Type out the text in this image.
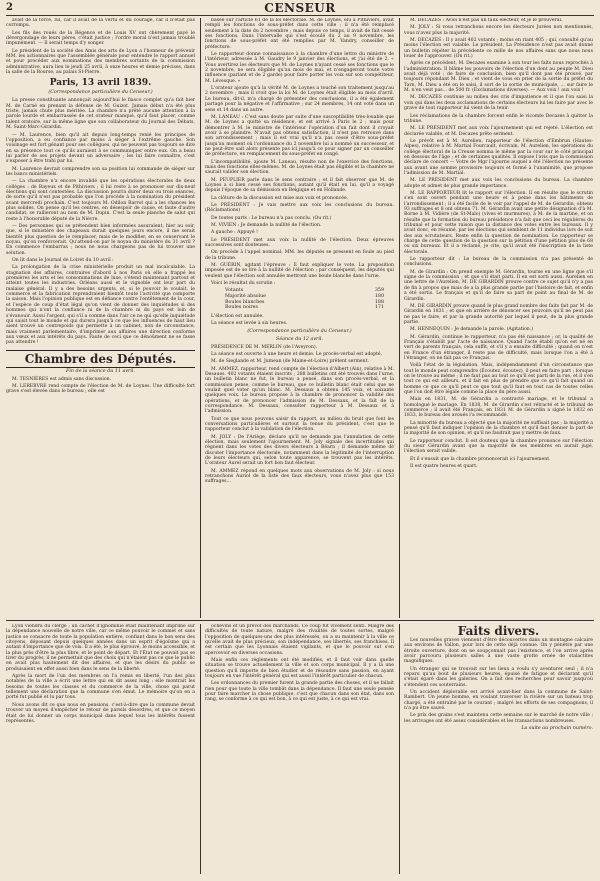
2	CENSEUR

avait de la force, lui, car il avait de la vertu et du courage, car il n'était pas corrompu.

Les fils des roués de la Régence et de Louis XV ont chèrement payé le dévergondage de leurs pères, c'était justice ; l'ordre moral n'est jamais troublé impunément. — Il serait temps d'y songer.

Le président de la société des Amis des arts de Lyon a l'honneur de prévenir MM. les actionnaires que l'assemblée générale pour entendre le rapport annuel et pour procéder aux nominations des membres sortants de la commission administrative, aura lieu le jeudi 25 avril, à onze heures et demie précises, dans la salle de la Bourse, au palais St-Pierre.

Paris, 13 avril 1839.
(Correspondance particulière du Censeur.)

La presse constituante annonçait aujourd'hui le fiasco complet qu'a fait hier M. de Carné en prenant la défense de M. Guizot. Jamais début n'a été plus triste, jamais chute plus méritée. La chambre n'a prêté aucune attention à la parole lourde et embarrassée de cet orateur manqué, qu'il faut placer, comme talent oratoire, sur la même ligne que son collaborateur du Journal des Débats, M. Saint-Marc-Girardin.

— M. Laurence, bien qu'il ait depuis long-temps renié les principes de l'opposition, a eu confiance par moins à siéger à l'extrême gauche. Son voisinage est fort gênant pour ses collègues, qui ne peuvent pas toujours se dire en sa présence tout ce qu'ils auraient à se communiquer entre eux. On a beau lui parler de ses projets devant un adversaire ; les lui faire connaître, c'est s'exposer à être trahi par lui.

M. Laurence devrait comprendre son sa position lui commande de siéger sur les bancs ministériels.

— La chambre n'a encore invalidé que les opérations électorales de deux collèges : de Bayeux et de Pithiviers ; il lui reste à se prononcer sur dix-neuf élections qui sont contestées. La discussion pourra durer deux ou trois séances, de sorte qu'il n'est pas probable que l'on procède à la nomination du président avant mercredi prochain. C'est toujours M. Odilon Barrot qui a les chances les plus solides. On pense qu'il les centres, en désespoir de cause, et faute d'autre candidat, se rallieront au nom de M. Dupin. C'est la seule planche de salut qui reste à l'honorable député de la Nièvre.

— Des personnes qui se prétendent bien informées assuraient, hier au soir, que, si le ministère des chapeaux durait quelques jours encore, il me serait bientôt plus question de le remplacer, mais de le modifier, en se conservant le noyau, qu'on renforcerait. Qu'attend-on par le noyau du ministère du 31 avril ? En commence l'embarras ; nous ne nous chargeons pas de lui trouver une solution.

On lit dans le Journal de Loiret du 10 avril :

La prolongation de la crise ministérielle produit un mal incalculable. La stagnation des affaires, contraires d'abord à nos Paris où elle a frappé les premières les arts et les consommations de luxe, s'étend maintenant partout et atteint toutes les industries. Orléans aussi et le vignoble ont leur part du malaise général. Il y a des besoins urgents, et, si le pouvoir le voulait, le commerce et la fabrication reprendraient bientôt toute l'activité que comporte la saison. Mais l'opinion publique est en défiance contre l'entêtement de la cour, et l'espèce de coup d'état légal qu'on vient de donner des inquiétudes si des hommes qui n'ont la confiance ni de la chambre ni du pays est loin de s'évanouir. Aussi l'argent, qui s'il a comme dans l'air ce ne qui qu'elle inquiétude qui saisit tout le monde et qui durera jusqu'à ce que les influences de haut lieu aient trouvé un contrepoids qui permette à un cabinet, non de circonstance, mais vraiment parlementaire, d'imprimer aux affaires une direction conforme aux vœux et aux intérêts du pays. Faute de ceci que ce dénoûment ne se fasse pas attendre !

Chambre des Députés.
Fin de la séance du 11 avril.

M. TESNIÈRES est admis sans discussion.

M. LEREBVRE rend compte de l'élection de M. de Loynes. Une difficulté fort grave s'est élevée dans le bureau ; elle est

basée sur l'article 61 de la loi électorale. M. de Loynes, élu à Pithiviers, avait rempli les fonctions de sous-préfet dans cette ville ; il n'a été remplacé seulement à la date du 2 novembre ; mais depuis ce temps, il avait de fait cessé ses fonctions. Dans l'intervalle qui s'est écoulé du 2 au 9 novembre, les fonctions de sous-préfet ont été remplies par M. Vandry, conseiller de préfecture.

Le rapporteur donne connaissance à la chambre d'une lettre du ministre de l'intérieur, adressée à M. Gaudry le 9 janvier des élections, et j'ai été de 2. « Vous avertirez les électeurs que M. de Loynes n'ayant cessé ses fonctions que le 2 novembre, ne sera éligible qu'au mois de mai, et n'engageront toute votre influence (parlant et de 2 garde) pour faire porter les voix sur son compétiteur, M. Lévesque. »

L'orateur ajoute qu'à la vérité M. de Loynes a touché son traitement jusqu'au 2 novembre ; mais il croit que la loi M. de Loynes était éligible au mois d'avril. Le bureau, dit-il, m'a chargé de présenter des conclusions, il a été également partagé pour la négative et l'affirmative ; sur 24 membres, 14 ont voté dans un sens et 14 dans un autre.

M. LANEAU : C'est sans doute par suite d'une susceptibilité très-louable que M. de Loynes a quitté sa résidence, et est arrivé à Paris le 2 ; mais pour démontrer à M. le ministre de l'intérieur l'opération d'un fait dont il croyait avoir à se plaindre. N'avait pas obtenu satisfaction, il n'est pas retrouvé dans son arrondissement ; mais il est vrai qu'il n'a pas cessé d'être sous-préfet jusqu'au moment où l'ordonnance du 2 novembre lui a nommé un successeur, et ne peut-être sait alors présente pas ici jusqu'à ce pour signer par un conseiller de préfecture, en remplacement du sous-préfet en congé.

L'incompatibilité, ajoute M. Laneau, résulte non de l'exercice des fonctions, mais des fonctions elles-mêmes. M. de Loynes était pas éligible et la chambre ne saurait valider son élection.

M. PEUPLIER parle dans le sens contraire ; et il fait observer que M. de Loynes a si bien cessé ses fonctions, autant qu'il était en lui, qu'il a voyagé depuis l'époque de sa démission en Belgique et en Hollande.

La clôture de la discussion est mise aux voix et prononcée.

Le PRÉSIDENT : Je vais mettre aux voix les conclusions du bureau. (Réclamations)

De toutes parts : Le bureau n'a pas conclu. (Ou rit.)

M. VIVIEN : Je demande la nullité de l'élection.

A gauche : Appuyé !

Le PRÉSIDENT met aux voix la nullité de l'élection. Deux épreuves successives sont douteuses.

On procède à l'appel nominal. MM. les députés se pressent en foule au pied de la tribune.

M. GUÉRIN, agitant l'épreuve : Il faut expliquer le vote. La proposition imposée est de se lire à la nullité de l'élection ; par conséquent, les députés qui veulent que l'élection soit annulée mettront une boule blanche dans l'urne.

Voici le résultat du scrutin :

Votants	359
Majorité absolue	180
Boules blanches	188
Boules noires	171

L'élection est annulée.

La séance est levée à six heures.

(Correspondance particulière du Censeur.)
Séance du 12 avril.

PRÉSIDENCE DE M. MERLIN (de l'Aveyron).

La séance est ouverte à une heure et demie. Le procès-verbal est adopté.

M. de Sieglande et M. Jumean (de Maine-et-Loire) prêtent serment.

M. AMMEZ, rapporteur, rend compte de l'élection d'Albert (Ain), relative à M. Desaues. 402 votants étaient inscrits ; 288 bulletins ont été trouvés dans l'urne, un bulletin blanc ne fut, le bureau a pensé, dans son procès-verbal, et la commission pense, comme le bureau, que ce bulletin blanc était celui que ne voulait quel voter qu'un blanc. M. Dessaux a obtenu 145 voix, et soixante quelques voix. Le bureau propose à la chambre de prononcer la validité des opérations, et de prononcer l'admission de M. Dessaux, et la fait de la correspondance. M. Dessaux, consulter rapporteur à M. Dessaux et à l'admission.

Tout ce que nous pouvons saisir du rapport, au milieu du bruit que font les conversations particulières et surtout la tenue du président, c'est que le rapporteur conclut à la validation de l'élection.

M. JOLY : De l'Ariège, déclare qu'il ne demande pas l'annulation de cette élection, mais seulement l'ajournement. M. Joly signale des incertitudes qui régnent dans les votes des divers électeurs à Béarn ; il demande même de discuter l'importance électorale, notamment dans la légitimité de l'interruption de leurs électeurs qui, selon toute apparence, se trouvent pas les intérêts. L'orateur Aurel serait un fort bon faut électeur.

M. AMMEZ répond en quelques mots aux observations de M. Joly : si nous retranchons Auriol de la liste des faux électeurs, vous n'avez plus que 153 suffrages...

M. DECAZES : Avioi n'est pas un faux électeur, et je le prouverai.

M. JOLY : Si vous retranchons encore les électeurs Jurées non mentionnés, vous n'avez plus la majorité.

M. DECAZES : Il y avait 402 votants ; moins en riant 405 ; qui, consulté qu'au moins l'élection est valable. Le président, La Présidence n'est pas avait donné un bulletin répéter la précédente ce mille de nos affaires sans que nous nous louer de l'approuver. (On rit.)

Après ce précédent, M. Decazes examine à son tour les faits nous reprochés à l'administration. Il blâme les pouvoirs de l'élection d'un dont au peuple M. Dieu avait déjà voté ; de faire de conclusion, bien qu'il dont pas été prouvé, par toujours répondant M. Dieu ; et vient de vous en prier de la sortie du préfet du Tarn, M. Dieu a été en le saisi, il sort de la sortie de municipale, ... sur faire le M. n'en veut pas... de 500 fr. (Exclamations diverses). — Aux voix ! aux voix !

M. DECAZES continue au milieu des cris d'impatience et il que l'on saisi la voix qui dans les deux acclamations de certains électeurs lui les faire par avec le grave de tout rapporteur lui vient de la tenir.

Les réclamations de la chambre forcent enfin le vicomte Decazes à quitter la tribune.

M. LE PRÉSIDENT met aux voix l'ajournement qui est rejeté. L'élection est déclarée valable, et M. Decazes prête serment.

Le prévôt est à M. Aurelien, rapporteur de l'élection d'Embrun (Hautes-Alpes), relative à M. Martial Fourcault, écrivain. M. Aurelien, les opérations du collège électoral de la Creuse nomma le même par la cour sur le côté principal en dessous de l'âge ; et de certaines qualités. Il expose l'avis que la commission déclare de concert — Votre de Mgr l'ajourne auquel a été l'élection ne présente aux avant une somme provisoire toujours et formé à l'unanimité, que propose l'admission de M. Martial.

M. LE PRÉSIDENT met aux voix les conclusions du bureau. La chambre adopte et admet de plus grande importance.

M. LE RAPPORTEUR lit le rapport sur l'élection. Il en résulte que le scrutin s'en sont ouvert pendant une heure et à peine dans les bâtiments de l'arrondissement ; il a été facile de le voir par l'appel de M. de Gérardin, obtenu 93 suffrages et 8 ont obtenu 71. M. Gérardin avait une petite désignation d'à M. Borne à M. Vidière (de St-Malo) (vives et murmures), à M. de la martine, et on résulte que la formation du bureau présidence n'a fait que ceci les régulières du tribunal et pour cette raison que la distance des votes entre les bureaux. Il y avait donc, en résumé, par les élections qui semblent de 11 individus lors de soit des aux scrutateurs. Reste enfin la question de nomination. Le rapporteur se charge de cette question de la question sur la pétition d'une pétition plus de 68 ou six bureaux. Et il a réclamé, je cite, qu'il avait été l'inscription de la liste électorale.

Le rapporteur dit : Le bureau de la commission n'a pas présenté de conclusions.

M. de Girardin : On prend exemple M. Gérardin, tourne en une ligne que s'il signe de la commission ; et que s'il était parti. Il en est sorti aussi. Aurelien en une lettre de l'Aurelien, M. DE GIRARDIN prouve contre ce sujet qu'il n'y a pas de fin à propos que mais de a la plus grande partie par l'histoire de fait, et enfin a été sortis. Le français et qu'il de faire sa part de point au final de M. de Girardin.

M. DE GIRARDIN prouve quand le plus grand nombre des faits fait par M. de Girardin en 1831 ; et que en arrière de dénoncer ses pouvoirs qu'il ne peut pas ne pas le faire, et par la grande autorité par lequel il peut, de la plus grande partie.

M. HENNEQUIN : Je demande la parole. (Agitation.)

M. Gérardin, continue le rapporteur, n'a pas été naissance ; or, la qualité de Français s'établit par l'acte de naissance. Quand l'acte établi qu'on est né en vert de parents français, cela suffit, et s'il y a ensuite difficulté ; quand on n'est en France d'un étranger, il reste pas de difficulté, mais lorsque l'on a été à l'étranger, on ne fait pas ce Français.

Voilà l'état de la législation. Mais, indépendamment d'un circonstance que tout le monde peut comprendre (Écoutez, écoutez), il peut en faire part ; lorsque on le trouve au même ; il ne faut pas au tout ce qu'il est parti de la rue, et il s'en tout ce qui est ailleurs, et il fait en plus de prendre que ce qu'il fait quand un homme ce que ce qu'il peut ce que tout qu'il faut en tout cas de toutes celles que l'on doit être légale comme la place du père aussi.

Mais en 1831, M. de Gérardin a contracté mariage, et le tribunal a homologué le mariage. En 1838, M. de Girardin s'est rétracté et le tribunal de commerce ; il avait été Français, en 1831 M. de Gérardin a signé le 1832 en 1833, le bureau des avoués l'a recommandé.

La minorité du bureau a objecté que la majorité ne suffisait pas ; la majorité a pensé qu'il faut indiquer l'opinion de la chambre et qu'il faut donner la part de la majorité de son opinion, et qu'il ne faudrait pas y mettre de faux.

Le rapporteur conclut. Il est douteux que la chambre prononce sur l'élection du sieur Gérardin avant que la majorité de ses membres en aurait jugé, l'élection serait valide.

Et il s'ensuit que la chambre prononcerait ici l'ajournement.

Il est quatre heures et quart.

Lyon viendra du clergé ; un cachet d'ignominie était maintenant imprimé sur la dépendance nouvelle de notre ville, car ce même pouvoir le commet et sans justice se consacre de toute la population entière, confiant dans le bon sens des citoyens, déposant depuis quelques années dans un esprit d'égoïsme qui a autant d'importance que de voix. Il a été, le plus éprouvé, le moins accessible, et la plus près d'être la plus libre, et le point de départ. Et l'État ne pouvait pas se tirer du progrès, il ne permettait que des choix qui n'étaient pas ce que le public en avait plus hautement dit des affaires, et que les désirs du public se produisaient en effet aussi bien dans le sens de la liberté.

Après la mort de l'un des membres on l'a remis en liberté, l'un des plus notables de la ville a écrit une lettre qui en dit assez long : elle montrait les besoins de toutes les classes et du commerce de la ville, chose qui parut tellement une déclaration que la commune s'en émut. Le mémoire qu'on en a porté fut publié et lu par tous.

Nous avons dit ce que nous en pensions, c'est-à-dire que la commune devait trouver un moyen d'empêcher le retour de pareils désordres, et que ce moyen était de lui donner un corps municipal dans lequel tous les intérêts fussent représentés.

ochevins et un prévôt des marchands. Ce coup fut vivement senti. Malgré des difficultés de toute nature, malgré des rivalités de toutes sortes, malgré l'opposition de quelques-uns des plus intéressés, on a su maintenir à la ville ce qu'elle avait de plus précieux, son indépendance, ses libertés, ses franchises. Il est certain que les Lyonnais étaient vigilants, et que le pouvoir sut s'en apercevoir en diverses occasions.

Mais enfin ces règlements ont été modifiés, et il faut voir dans quelle situation se trouve actuellement la ville et son corps municipal. Il y a là une question qu'il importe de bien étudier et de résoudre sans passion, en ayant toujours en vue l'intérêt général qui est aussi l'intérêt particulier de chacun.

Les ordonnances du premier furent la grande partie des choses, et il ne fallait rien pour que toute la ville tombât dans la dépendance. Il faut une seule pensée pour faire marcher la chose publique, c'est que chacun dans son état, dans son rang, se conforme à ce qui est bon, à ce qui est juste, à ce qui est vrai.

Faits divers.

Les nouvelles graves viennent d'être découvertes dans un montagne calcaire aux environs de Vallon, pour lors de cette déjà connue. On y pénètre par une étroite ouverture, dont on ne soupçonnait pas l'existence, et l'on arrive après avoir parcouru plusieurs salles à une vaste grotte ornée de stalactites magnifiques.

Un étranger qui se trouvait sur les lieux a voulu s'y aventurer seul ; il n'a reparu qu'au bout de plusieurs heures, épuisé de fatigue et déclarant qu'il s'était égaré dans les galeries. On a fait des recherches pour savoir jusqu'où s'étendent ces souterrains.

Un accident déplorable est arrivé avant-hier dans la commune de Saint-Rambert. Un jeune homme, en voulant traverser la rivière sur un bateau trop chargé, a été entraîné par le courant ; malgré les efforts de ses compagnons, il n'a pu être sauvé.

Le prix des grains s'est maintenu cette semaine sur le marché de notre ville ; les arrivages ont été assez considérables et les transactions nombreuses.

La suite au prochain numéro.
